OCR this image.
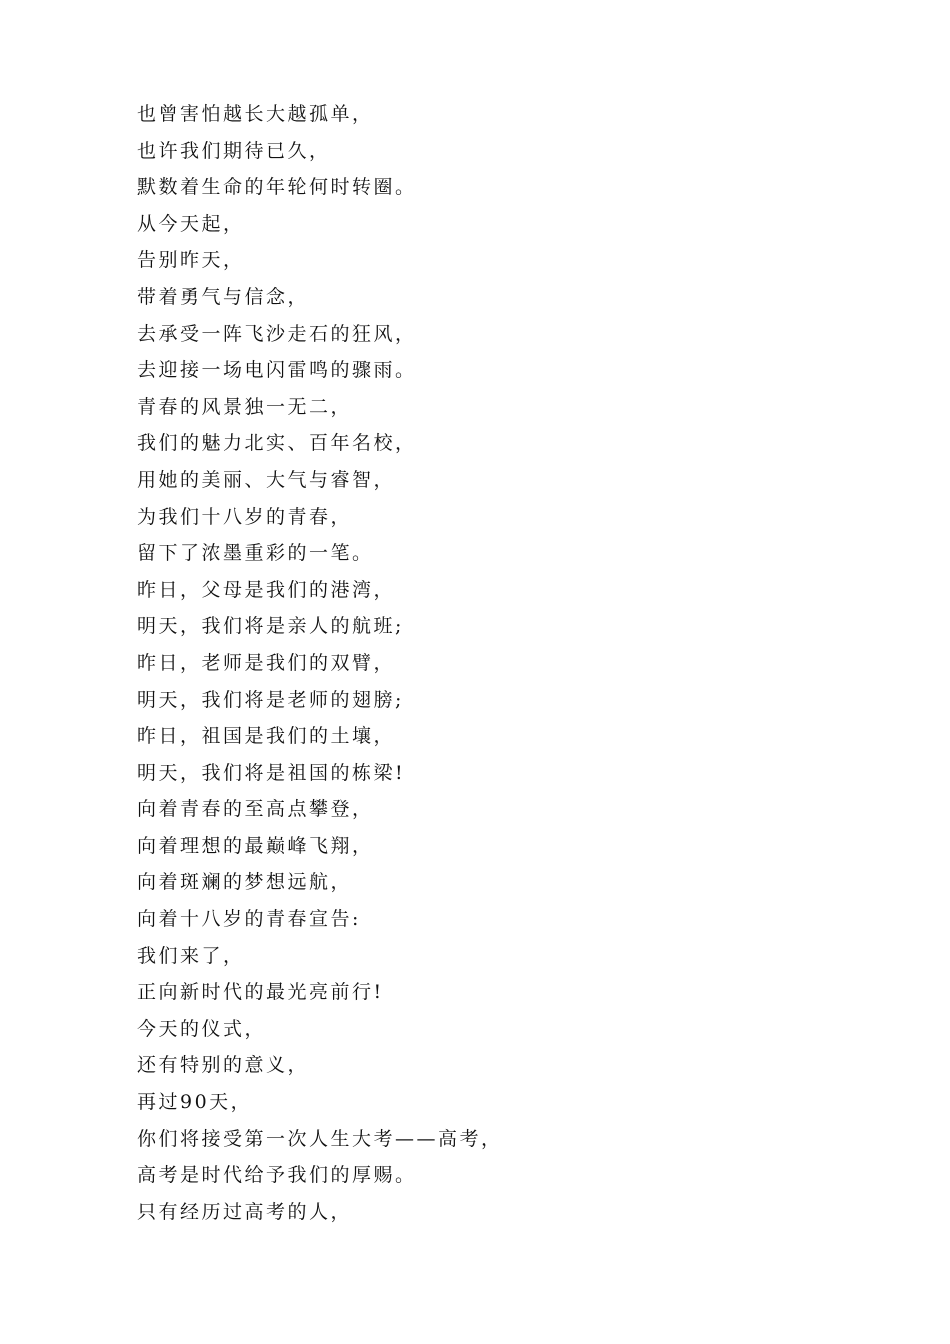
也曾害怕越长大越孤单，
也许我们期待已久，
默数着生命的年轮何时转圈。
从今天起，
告别昨天，
带着勇气与信念，
去承受一阵飞沙走石的狂风，
去迎接一场电闪雷鸣的骤雨。
青春的风景独一无二，
我们的魅力北实、百年名校，
用她的美丽、大气与睿智，
为我们十八岁的青春，
留下了浓墨重彩的一笔。
昨日，父母是我们的港湾，
明天，我们将是亲人的航班;
昨日，老师是我们的双臂，
明天，我们将是老师的翅膀;
昨日，祖国是我们的土壤，
明天，我们将是祖国的栋梁!
向着青春的至高点攀登，
向着理想的最巅峰飞翔，
向着斑斓的梦想远航，
向着十八岁的青春宣告:
我们来了，
正向新时代的最光亮前行!
今天的仪式，
还有特别的意义，
再过90天，
你们将接受第一次人生大考——高考，
高考是时代给予我们的厚赐。
只有经历过高考的人，
